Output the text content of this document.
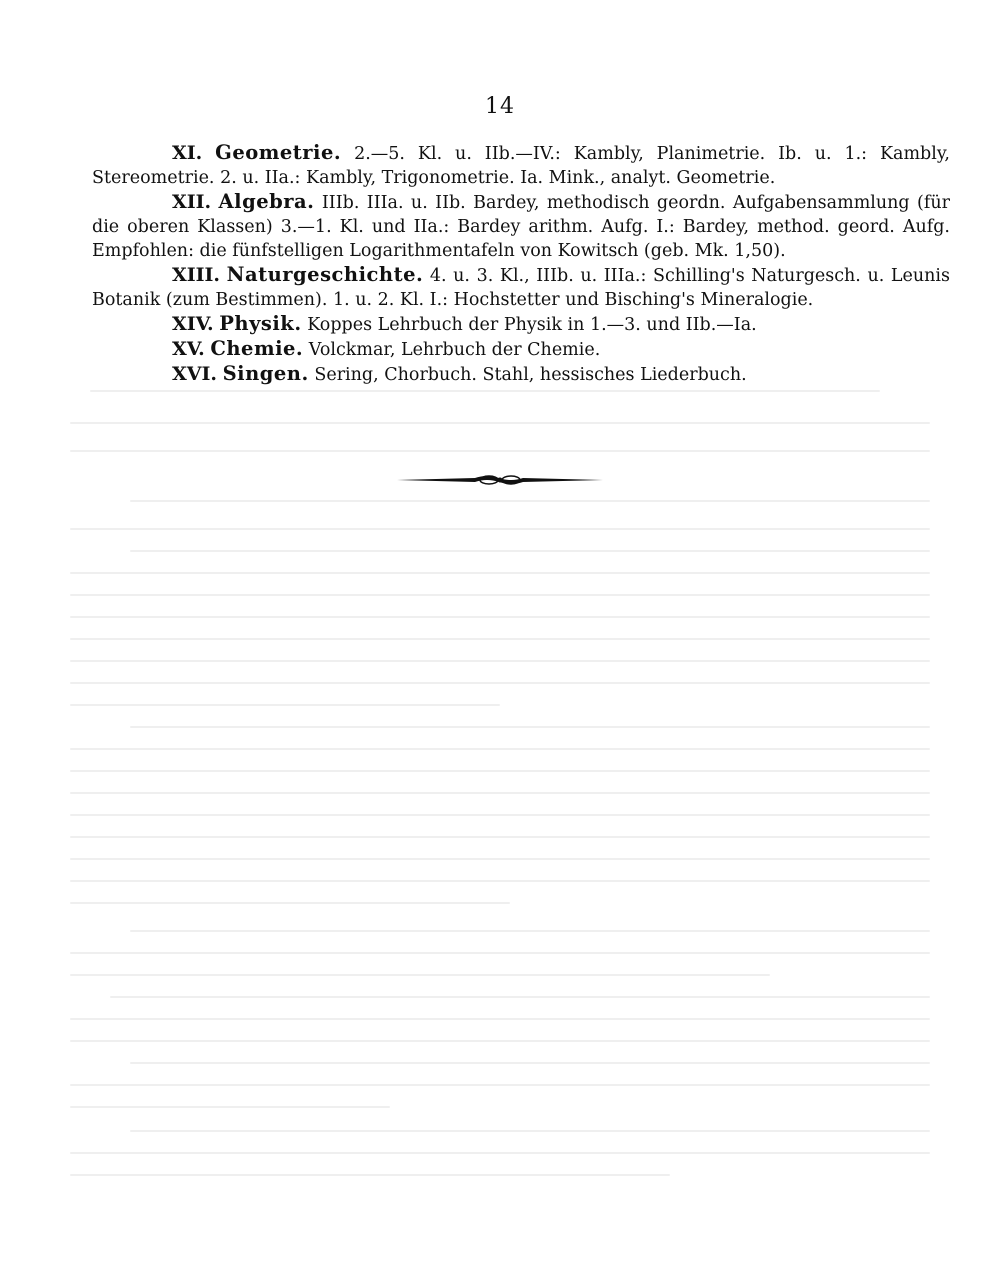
14

XI. Geometrie. 2.—5. Kl. u. IIb.—IV.: Kambly, Planimetrie. Ib. u. 1.: Kambly,
Stereometrie. 2. u. IIa.: Kambly, Trigonometrie. Ia. Mink., analyt. Geometrie.

XII. Algebra. IIIb. IIIa. u. IIb. Bardey, methodisch geordn. Aufgabensammlung (für
die oberen Klassen) 3.—1. Kl. und IIa.: Bardey arithm. Aufg. I.: Bardey, method. geord. Aufg.
Empfohlen: die fünfstelligen Logarithmentafeln von Kowitsch (geb. Mk. 1,50).

XIII. Naturgeschichte. 4. u. 3. Kl., IIIb. u. IIIa.: Schilling's Naturgesch. u. Leunis
Botanik (zum Bestimmen). 1. u. 2. Kl. I.: Hochstetter und Bisching's Mineralogie.

XIV. Physik. Koppes Lehrbuch der Physik in 1.—3. und IIb.—Ia.

XV. Chemie. Volckmar, Lehrbuch der Chemie.

XVI. Singen. Sering, Chorbuch. Stahl, hessisches Liederbuch.
